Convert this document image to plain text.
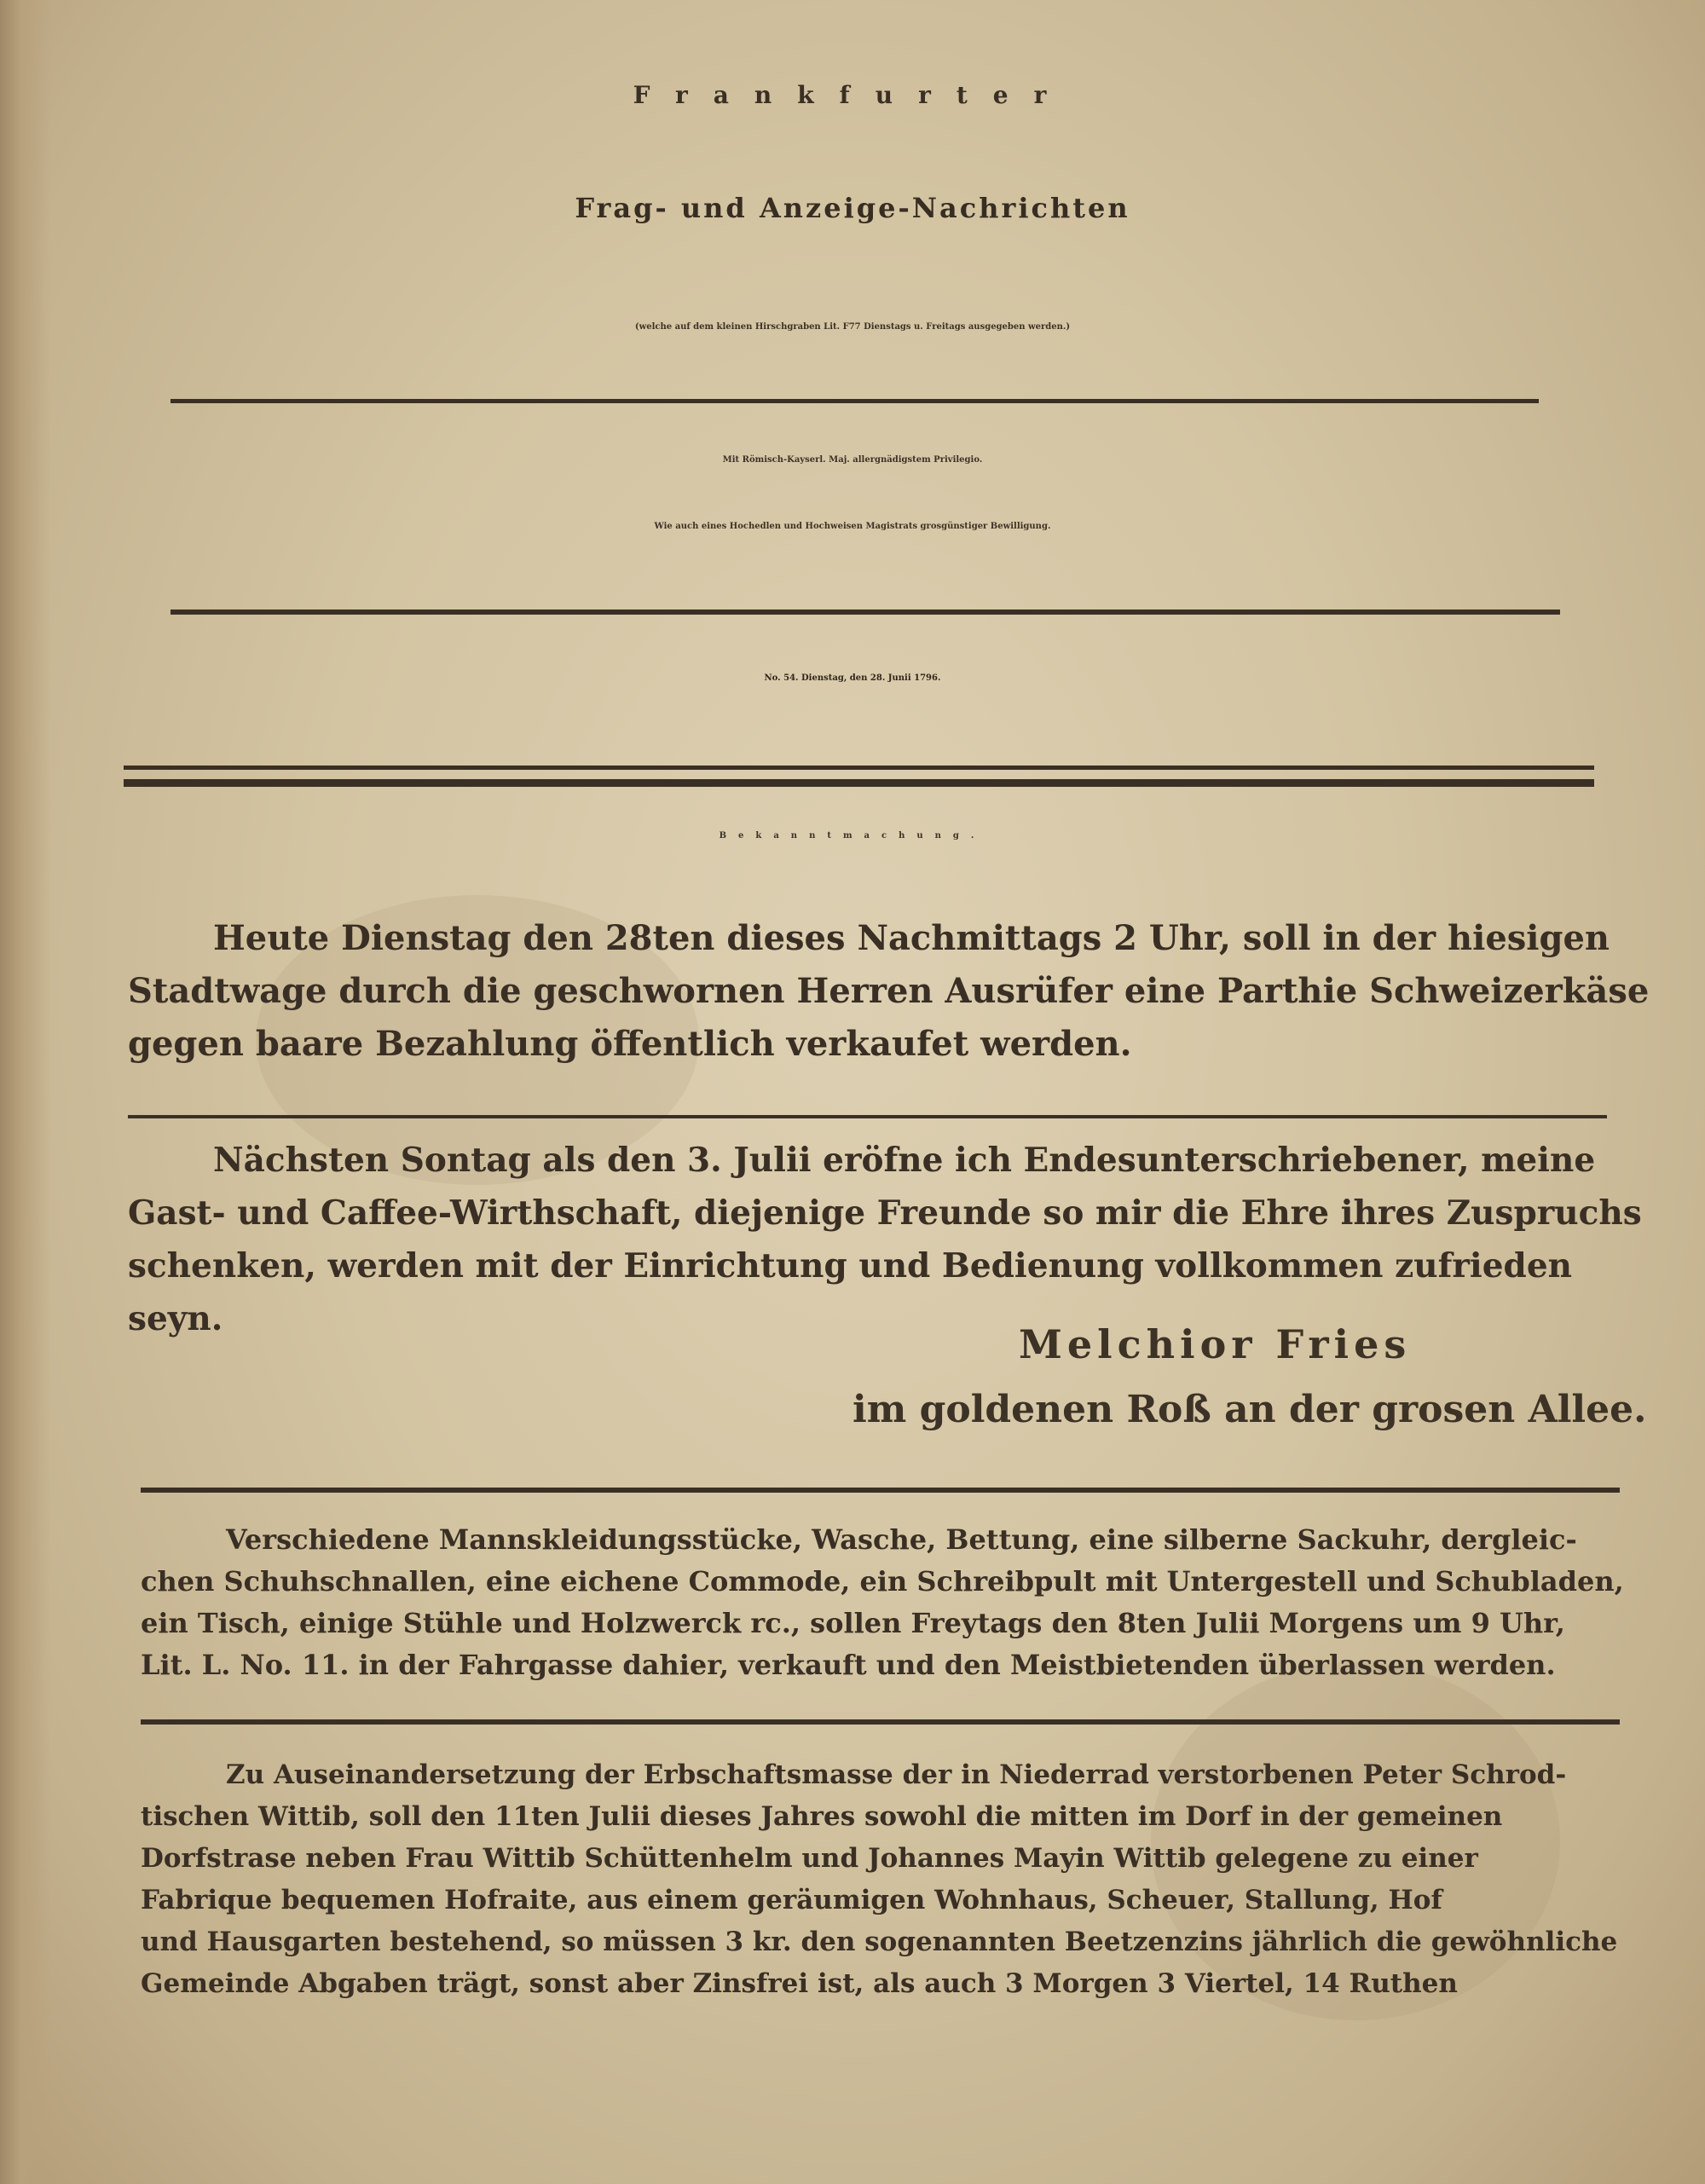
Frankfurter
Frag- und Anzeige-Nachrichten
(welche auf dem kleinen Hirschgraben Lit. F77 Dienstags u. Freitags ausgegeben werden.)
Mit Römisch-Kayserl. Maj. allergnädigstem Privilegio.
Wie auch eines Hochedlen und Hochweisen Magistrats grosgünstiger Bewilligung.
No. 54. Dienstag, den 28. Junii 1796.
Bekanntmachung.
Heute Dienstag den 28ten dieses Nachmittags 2 Uhr, soll in der hiesigen
Stadtwage durch die geschwornen Herren Ausrüfer eine Parthie Schweizerkäse
gegen baare Bezahlung öffentlich verkaufet werden.
Nächsten Sontag als den 3. Julii eröfne ich Endesunterschriebener, meine
Gast- und Caffee-Wirthschaft, diejenige Freunde so mir die Ehre ihres Zuspruchs
schenken, werden mit der Einrichtung und Bedienung vollkommen zufrieden
seyn.
Melchior Fries
im goldenen Roß an der grosen Allee.
Verschiedene Mannskleidungsstücke, Wasche, Bettung, eine silberne Sackuhr, dergleic-
chen Schuhschnallen, eine eichene Commode, ein Schreibpult mit Untergestell und Schubladen,
ein Tisch, einige Stühle und Holzwerck rc., sollen Freytags den 8ten Julii Morgens um 9 Uhr,
Lit. L. No. 11. in der Fahrgasse dahier, verkauft und den Meistbietenden überlassen werden.
Zu Auseinandersetzung der Erbschaftsmasse der in Niederrad verstorbenen Peter Schrod-
tischen Wittib, soll den 11ten Julii dieses Jahres sowohl die mitten im Dorf in der gemeinen
Dorfstrase neben Frau Wittib Schüttenhelm und Johannes Mayin Wittib gelegene zu einer
Fabrique bequemen Hofraite, aus einem geräumigen Wohnhaus, Scheuer, Stallung, Hof
und Hausgarten bestehend, so müssen 3 kr. den sogenannten Beetzenzins jährlich die gewöhnliche
Gemeinde Abgaben trägt, sonst aber Zinsfrei ist, als auch 3 Morgen 3 Viertel, 14 Ruthen
